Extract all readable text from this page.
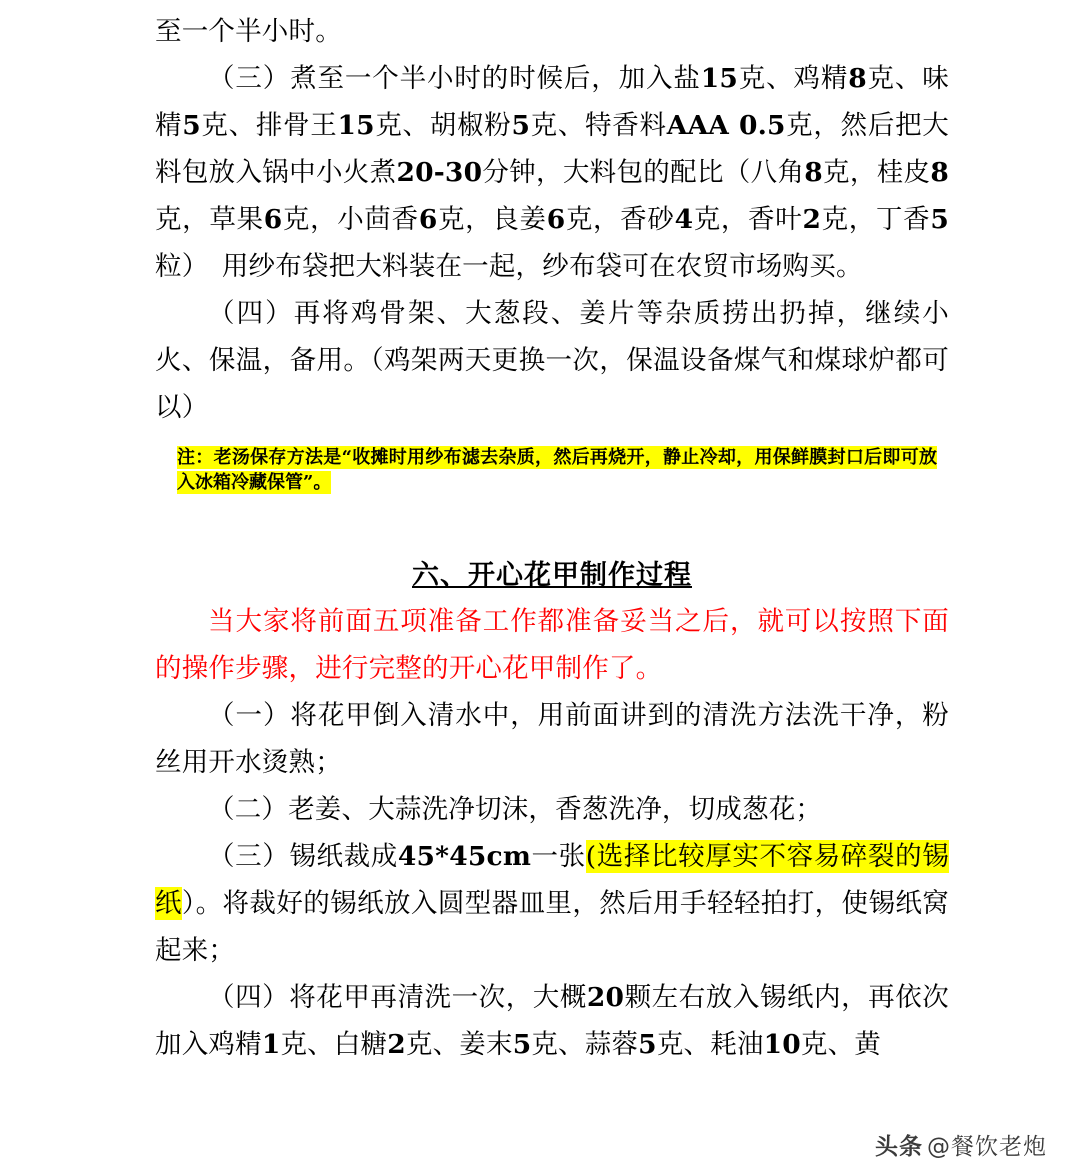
至一个半小时。

（三）煮至一个半小时的时候后，加入盐15克、鸡精8克、味精5克、排骨王15克、胡椒粉5克、特香料AAA 0.5克，然后把大料包放入锅中小火煮20-30分钟，大料包的配比（八角8克，桂皮8克，草果6克，小茴香6克，良姜6克，香砂4克，香叶2克，丁香5粒）　用纱布袋把大料装在一起，纱布袋可在农贸市场购买。

（四）再将鸡骨架、大葱段、姜片等杂质捞出扔掉，继续小火、保温，备用。（鸡架两天更换一次，保温设备煤气和煤球炉都可以）

注：老汤保存方法是“收摊时用纱布滤去杂质，然后再烧开，静止冷却，用保鲜膜封口后即可放入冰箱冷藏保管”。
六、开心花甲制作过程

当大家将前面五项准备工作都准备妥当之后，就可以按照下面的操作步骤，进行完整的开心花甲制作了。

（一）将花甲倒入清水中，用前面讲到的清洗方法洗干净，粉丝用开水烫熟；

（二）老姜、大蒜洗净切沫，香葱洗净，切成葱花；

（三）锡纸裁成45*45cm一张(选择比较厚实不容易碎裂的锡纸）。将裁好的锡纸放入圆型器皿里，然后用手轻轻拍打，使锡纸窝起来；

（四）将花甲再清洗一次，大概20颗左右放入锡纸内，再依次加入鸡精1克、白糖2克、姜末5克、蒜蓉5克、耗油10克、黄

头条 @餐饮老炮
